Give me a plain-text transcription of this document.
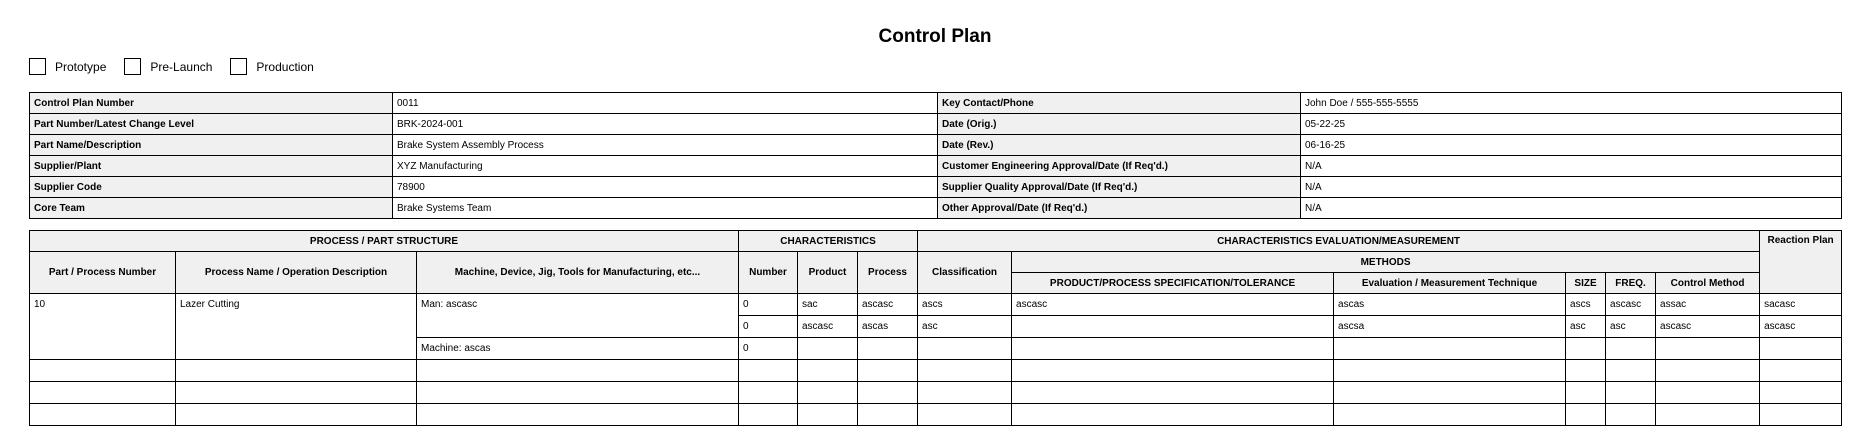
Control Plan
Prototype	Pre-Launch	Production
Control Plan Number	0011	Key Contact/Phone	John Doe / 555-555-5555
Part Number/Latest Change Level	BRK-2024-001	Date (Orig.)	05-22-25
Part Name/Description	Brake System Assembly Process	Date (Rev.)	06-16-25
Supplier/Plant	XYZ Manufacturing	Customer Engineering Approval/Date (If Req'd.)	N/A
Supplier Code	78900	Supplier Quality Approval/Date (If Req'd.)	N/A
Core Team	Brake Systems Team	Other Approval/Date (If Req'd.)	N/A
PROCESS / PART STRUCTURE			CHARACTERISTICS			CHARACTERISTICS EVALUATION/MEASUREMENT						Reaction Plan
Part / Process Number	Process Name / Operation Description	Machine, Device, Jig, Tools for Manufacturing, etc...	Number	Product	Process	Classification	METHODS					
							PRODUCT/PROCESS SPECIFICATION/TOLERANCE	Evaluation / Measurement Technique	SIZE	FREQ.	Control Method	
10	Lazer Cutting	Man: ascasc	0	sac	ascasc	ascs	ascasc	ascas	ascs	ascasc	assac	sacasc
			0	ascasc	ascas	asc		ascsa	asc	asc	ascasc	ascasc
		Machine: ascas	0									
